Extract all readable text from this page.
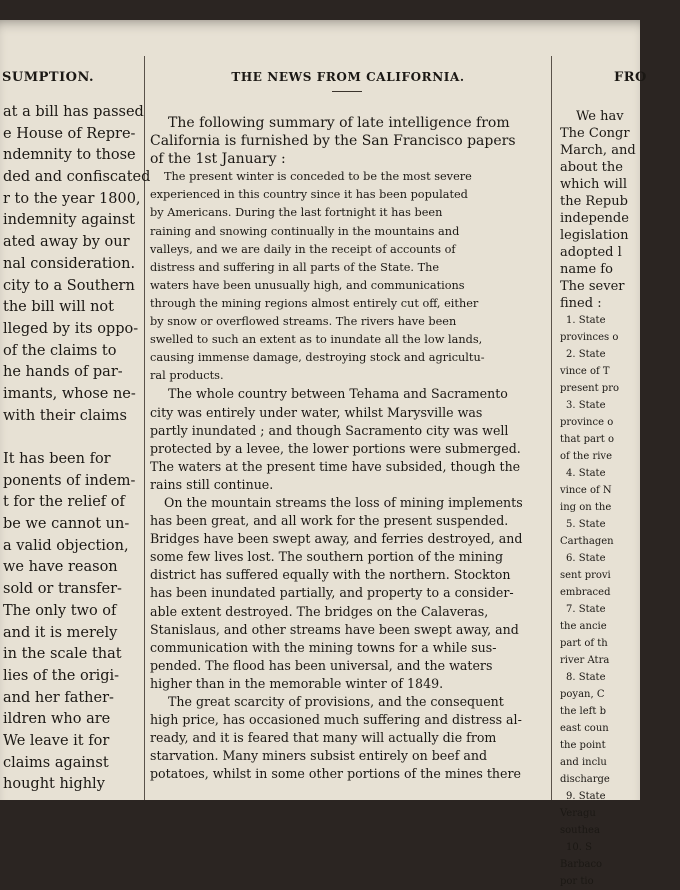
SUMPTION.
at a bill has passed
e House of Repre-
ndemnity to those
ded and confiscated
r to the year 1800,
indemnity against
ated away by our
nal consideration.
city to a Southern
the bill will not
lleged by its oppo-
of the claims to
he hands of par-
imants, whose ne-
with their claims
It has been for
ponents of indem-
t for the relief of
be we cannot un-
a valid objection,
we have reason
sold or transfer-
The only two of
and it is merely
in the scale that
lies of the origi-
and her father-
ildren who are
We leave it for
claims against
hought highly
THE NEWS FROM CALIFORNIA.
The following summary of late intelligence from
California is furnished by the San Francisco papers
of the 1st January :
The present winter is conceded to be the most severe
experienced in this country since it has been populated
by Americans. During the last fortnight it has been
raining and snowing continually in the mountains and
valleys, and we are daily in the receipt of accounts of
distress and suffering in all parts of the State. The
waters have been unusually high, and communications
through the mining regions almost entirely cut off, either
by snow or overflowed streams. The rivers have been
swelled to such an extent as to inundate all the low lands,
causing immense damage, destroying stock and agricultu-
ral products.
The whole country between Tehama and Sacramento
city was entirely under water, whilst Marysville was
partly inundated ; and though Sacramento city was well
protected by a levee, the lower portions were submerged.
The waters at the present time have subsided, though the
rains still continue.
On the mountain streams the loss of mining implements
has been great, and all work for the present suspended.
Bridges have been swept away, and ferries destroyed, and
some few lives lost. The southern portion of the mining
district has suffered equally with the northern. Stockton
has been inundated partially, and property to a consider-
able extent destroyed. The bridges on the Calaveras,
Stanislaus, and other streams have been swept away, and
communication with the mining towns for a while sus-
pended. The flood has been universal, and the waters
higher than in the memorable winter of 1849.
The great scarcity of provisions, and the consequent
high price, has occasioned much suffering and distress al-
ready, and it is feared that many will actually die from
starvation. Many miners subsist entirely on beef and
potatoes, whilst in some other portions of the mines there
FRO
We hav
The Congr
March, and
about the
which will
the Repub
independe
legislation
adopted l
name fo
The sever
fined :
1. State
provinces o
2. State
vince of T
present pro
3. State
province o
that part o
of the rive
4. State
vince of N
ing on the
5. State
Carthagen
6. State
sent provi
embraced
7. State
the ancie
part of th
river Atra
8. State
poyan, C
the left b
east coun
the point
and inclu
discharge
9. State
Veragu
southea
10. S
Barbaco
por tio
